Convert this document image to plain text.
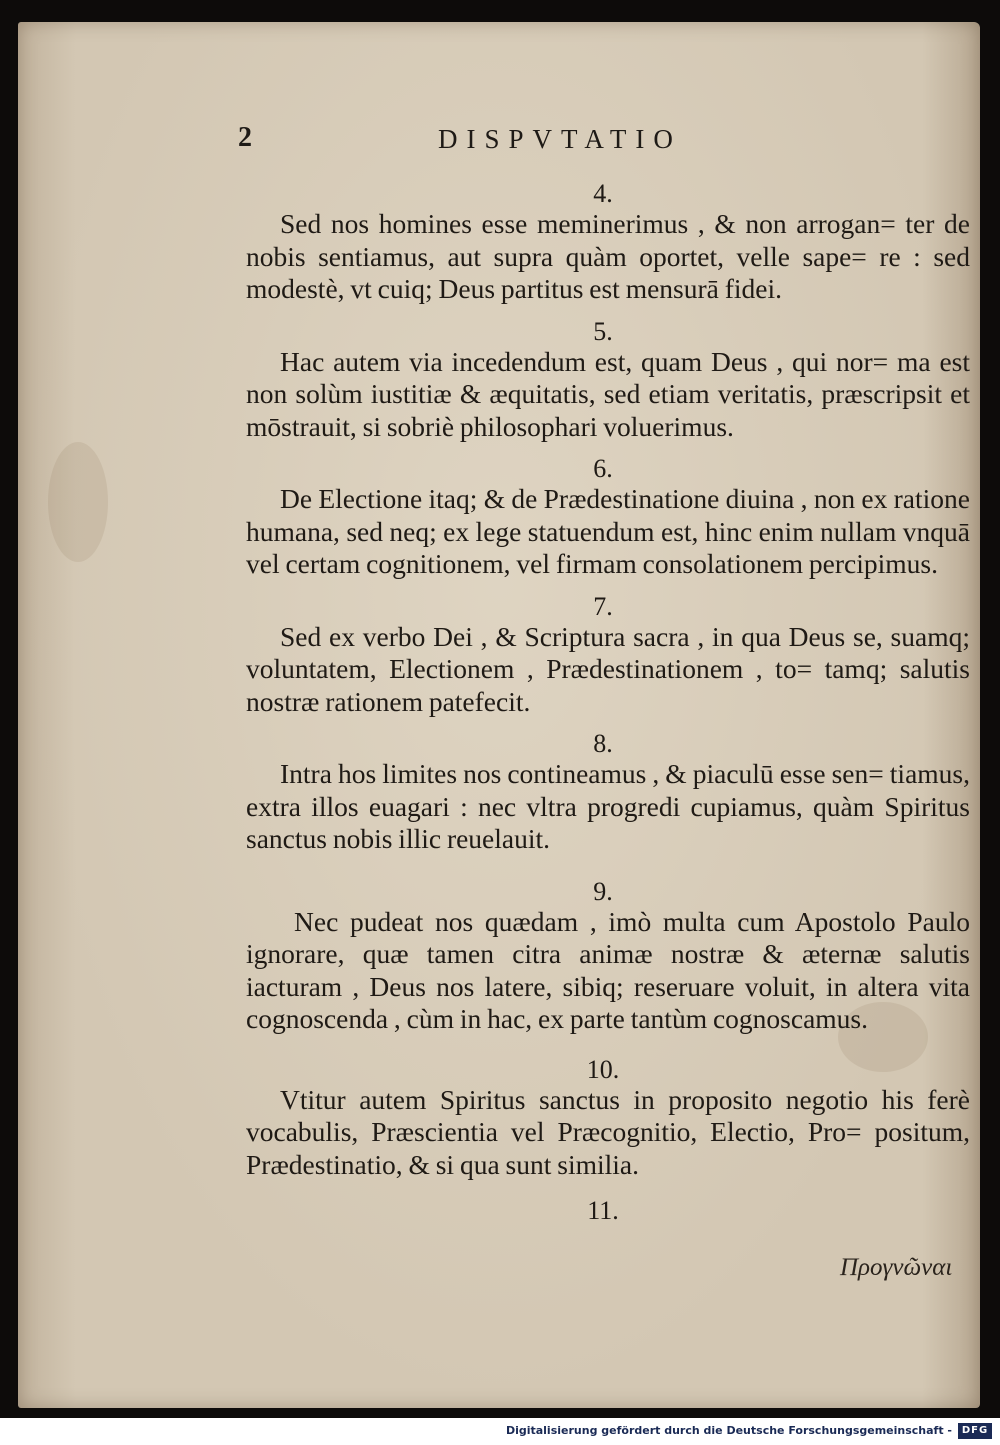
2	DISPVTATIO
4.

Sed nos homines esse meminerimus , & non arrogan= ter de nobis sentiamus, aut supra quàm oportet, velle sape= re : sed modestè, vt cuiq; Deus partitus est mensurā fidei.

5.

Hac autem via incedendum est, quam Deus , qui nor= ma est non solùm iustitiæ & æquitatis, sed etiam veritatis, præscripsit et mōstrauit, si sobriè philosophari voluerimus.

6.

De Electione itaq; & de Prædestinatione diuina , non ex ratione humana, sed neq; ex lege statuendum est, hinc enim nullam vnquā vel certam cognitionem, vel firmam consolationem percipimus.

7.

Sed ex verbo Dei , & Scriptura sacra , in qua Deus se, suamq; voluntatem, Electionem , Prædestinationem , to= tamq; salutis nostræ rationem patefecit.

8.

Intra hos limites nos contineamus , & piaculū esse sen= tiamus, extra illos euagari : nec vltra progredi cupiamus, quàm Spiritus sanctus nobis illic reuelauit.

9.

Nec pudeat nos quædam , imò multa cum Apostolo Paulo ignorare, quæ tamen citra animæ nostræ & æternæ salutis iacturam , Deus nos latere, sibiq; reseruare voluit, in altera vita cognoscenda , cùm in hac, ex parte tantùm cognoscamus.

10.

Vtitur autem Spiritus sanctus in proposito negotio his ferè vocabulis, Præscientia vel Præcognitio, Electio, Pro= positum, Prædestinatio, & si qua sunt similia.

11.
Προγνῶναι
Digitalisierung gefördert durch die Deutsche Forschungsgemeinschaft - DFG
